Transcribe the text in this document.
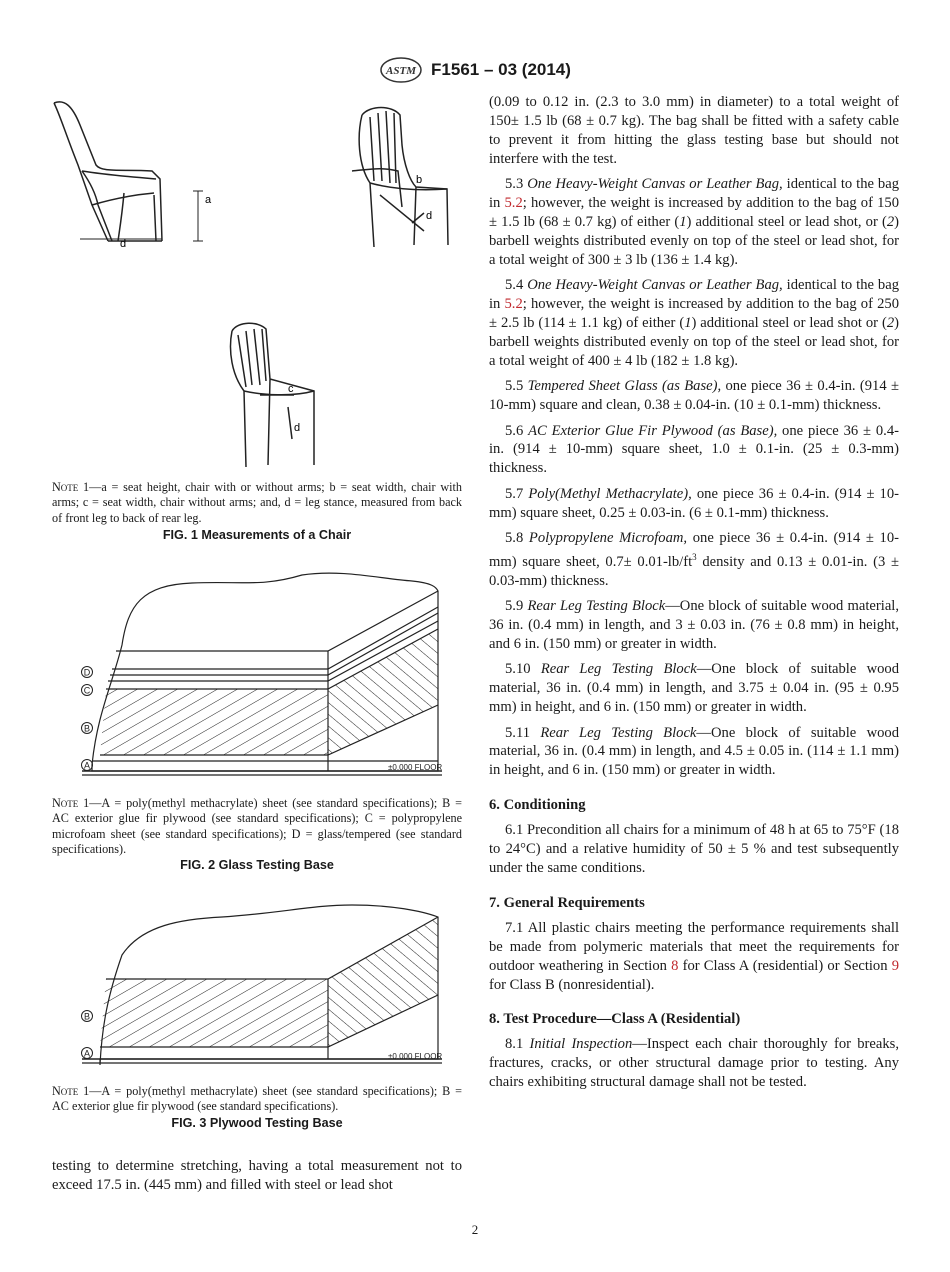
ASTM F1561 – 03 (2014)
a
d
b
d
c
d
Note 1—a = seat height, chair with or without arms; b = seat width, chair with arms; c = seat width, chair without arms; and, d = leg stance, measured from back of front leg to back of rear leg.
FIG. 1 Measurements of a Chair
D
C
B
A	±0.000 FLOOR
Note 1—A = poly(methyl methacrylate) sheet (see standard specifications); B = AC exterior glue fir plywood (see standard specifications); C = polypropylene microfoam sheet (see standard specifications); D = glass/tempered (see standard specifications).
FIG. 2 Glass Testing Base
B
A	±0.000 FLOOR
Note 1—A = poly(methyl methacrylate) sheet (see standard specifications); B = AC exterior glue fir plywood (see standard specifications).
FIG. 3 Plywood Testing Base
testing to determine stretching, having a total measurement not to exceed 17.5 in. (445 mm) and filled with steel or lead shot

(0.09 to 0.12 in. (2.3 to 3.0 mm) in diameter) to a total weight of 150± 1.5 lb (68 ± 0.7 kg). The bag shall be fitted with a safety cable to prevent it from hitting the glass testing base but should not interfere with the test.

5.3 One Heavy-Weight Canvas or Leather Bag, identical to the bag in 5.2; however, the weight is increased by addition to the bag of 150 ± 1.5 lb (68 ± 0.7 kg) of either (1) additional steel or lead shot, or (2) barbell weights distributed evenly on top of the steel or lead shot, for a total weight of 300 ± 3 lb (136 ± 1.4 kg).

5.4 One Heavy-Weight Canvas or Leather Bag, identical to the bag in 5.2; however, the weight is increased by addition to the bag of 250 ± 2.5 lb (114 ± 1.1 kg) of either (1) additional steel or lead shot or (2) barbell weights distributed evenly on top of the steel or lead shot, for a total weight of 400 ± 4 lb (182 ± 1.8 kg).

5.5 Tempered Sheet Glass (as Base), one piece 36 ± 0.4-in. (914 ± 10-mm) square and clean, 0.38 ± 0.04-in. (10 ± 0.1-mm) thickness.

5.6 AC Exterior Glue Fir Plywood (as Base), one piece 36 ± 0.4-in. (914 ± 10-mm) square sheet, 1.0 ± 0.1-in. (25 ± 0.3-mm) thickness.

5.7 Poly(Methyl Methacrylate), one piece 36 ± 0.4-in. (914 ± 10-mm) square sheet, 0.25 ± 0.03-in. (6 ± 0.1-mm) thickness.

5.8 Polypropylene Microfoam, one piece 36 ± 0.4-in. (914 ± 10-mm) square sheet, $0.7\pm 0.01-lb/ft^3$ density and 0.13 ± 0.01-in. (3 ± 0.03-mm) thickness.

5.9 Rear Leg Testing Block—One block of suitable wood material, 36 in. (0.4 mm) in length, and 3 ± 0.03 in. (76 ± 0.8 mm) in height, and 6 in. (150 mm) or greater in width.

5.10 Rear Leg Testing Block—One block of suitable wood material, 36 in. (0.4 mm) in length, and 3.75 ± 0.04 in. (95 ± 0.95 mm) in height, and 6 in. (150 mm) or greater in width.

5.11 Rear Leg Testing Block—One block of suitable wood material, 36 in. (0.4 mm) in length, and 4.5 ± 0.05 in. (114 ± 1.1 mm) in height, and 6 in. (150 mm) or greater in width.

6. Conditioning

6.1 Precondition all chairs for a minimum of 48 h at 65 to 75°F (18 to 24°C) and a relative humidity of 50 ± 5 % and test subsequently under the same conditions.

7. General Requirements

7.1 All plastic chairs meeting the performance requirements shall be made from polymeric materials that meet the requirements for outdoor weathering in Section 8 for Class A (residential) or Section 9 for Class B (nonresidential).

8. Test Procedure—Class A (Residential)

8.1 Initial Inspection—Inspect each chair thoroughly for breaks, fractures, cracks, or other structural damage prior to testing. Any chairs exhibiting structural damage shall not be tested.

2
